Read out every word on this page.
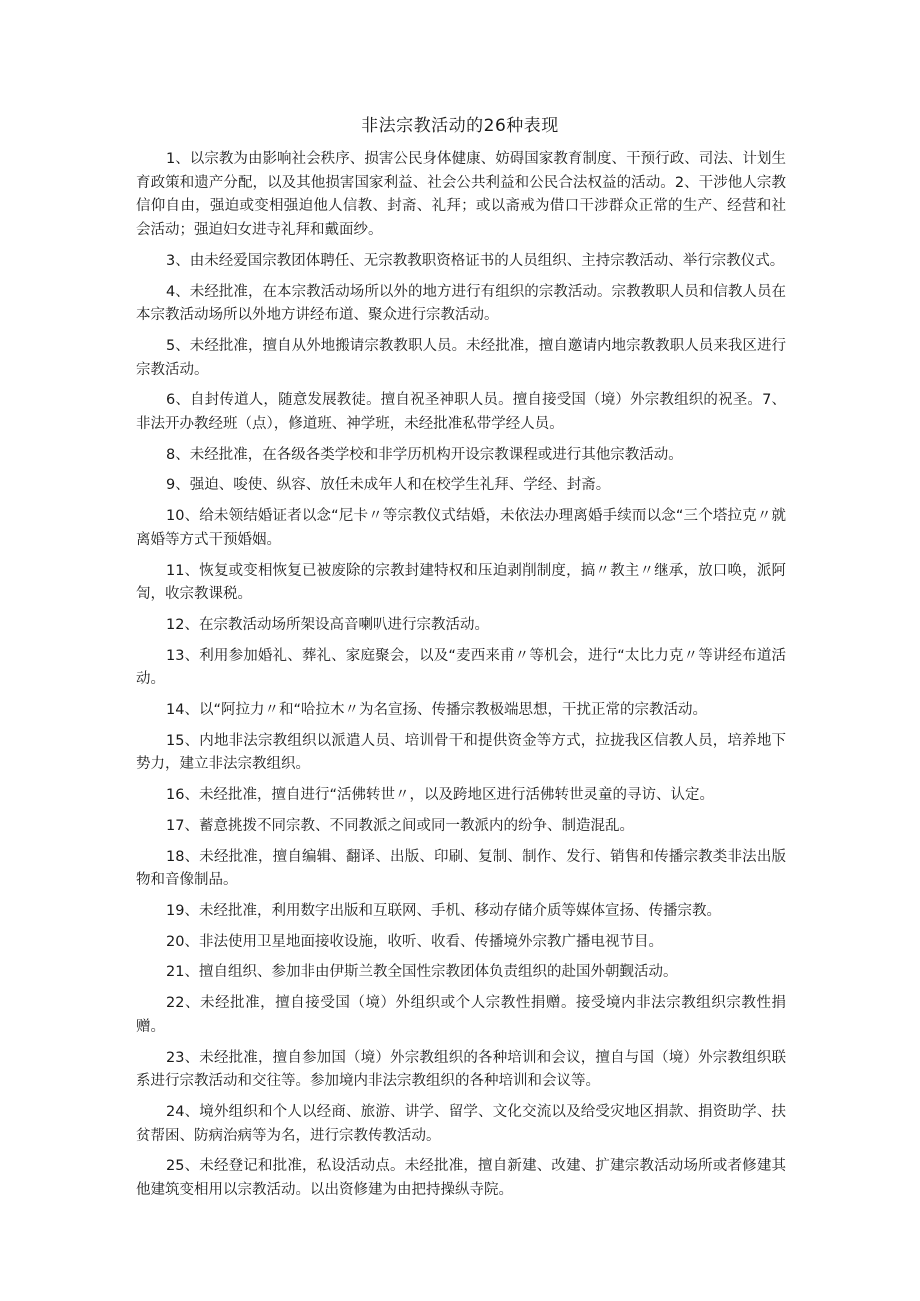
非法宗教活动的26种表现

1、以宗教为由影响社会秩序、损害公民身体健康、妨碍国家教育制度、干预行政、司法、计划生育政策和遗产分配，以及其他损害国家利益、社会公共利益和公民合法权益的活动。2、干涉他人宗教信仰自由，强迫或变相强迫他人信教、封斋、礼拜；或以斋戒为借口干涉群众正常的生产、经营和社会活动；强迫妇女进寺礼拜和戴面纱。

3、由未经爱国宗教团体聘任、无宗教教职资格证书的人员组织、主持宗教活动、举行宗教仪式。

4、未经批准，在本宗教活动场所以外的地方进行有组织的宗教活动。宗教教职人员和信教人员在本宗教活动场所以外地方讲经布道、聚众进行宗教活动。

5、未经批准，擅自从外地搬请宗教教职人员。未经批准，擅自邀请内地宗教教职人员来我区进行宗教活动。

6、自封传道人，随意发展教徒。擅自祝圣神职人员。擅自接受国（境）外宗教组织的祝圣。7、非法开办教经班（点），修道班、神学班，未经批准私带学经人员。

8、未经批准，在各级各类学校和非学历机构开设宗教课程或进行其他宗教活动。

9、强迫、唆使、纵容、放任未成年人和在校学生礼拜、学经、封斋。

10、给未领结婚证者以念“尼卡〃等宗教仪式结婚，未依法办理离婚手续而以念“三个塔拉克〃就离婚等方式干预婚姻。

11、恢复或变相恢复已被废除的宗教封建特权和压迫剥削制度，搞〃教主〃继承，放口唤，派阿訇，收宗教课税。

12、在宗教活动场所架设高音喇叭进行宗教活动。

13、利用参加婚礼、葬礼、家庭聚会，以及“麦西来甫〃等机会，进行“太比力克〃等讲经布道活动。

14、以“阿拉力〃和“哈拉木〃为名宣扬、传播宗教极端思想，干扰正常的宗教活动。

15、内地非法宗教组织以派遣人员、培训骨干和提供资金等方式，拉拢我区信教人员，培养地下势力，建立非法宗教组织。

16、未经批准，擅自进行“活佛转世〃，以及跨地区进行活佛转世灵童的寻访、认定。

17、蓄意挑拨不同宗教、不同教派之间或同一教派内的纷争、制造混乱。

18、未经批准，擅自编辑、翻译、出版、印刷、复制、制作、发行、销售和传播宗教类非法出版物和音像制品。

19、未经批准，利用数字出版和互联网、手机、移动存储介质等媒体宣扬、传播宗教。

20、非法使用卫星地面接收设施，收听、收看、传播境外宗教广播电视节目。

21、擅自组织、参加非由伊斯兰教全国性宗教团体负责组织的赴国外朝觐活动。

22、未经批准，擅自接受国（境）外组织或个人宗教性捐赠。接受境内非法宗教组织宗教性捐赠。

23、未经批准，擅自参加国（境）外宗教组织的各种培训和会议，擅自与国（境）外宗教组织联系进行宗教活动和交往等。参加境内非法宗教组织的各种培训和会议等。

24、境外组织和个人以经商、旅游、讲学、留学、文化交流以及给受灾地区捐款、捐资助学、扶贫帮困、防病治病等为名，进行宗教传教活动。

25、未经登记和批准，私设活动点。未经批准，擅自新建、改建、扩建宗教活动场所或者修建其他建筑变相用以宗教活动。以出资修建为由把持操纵寺院。
